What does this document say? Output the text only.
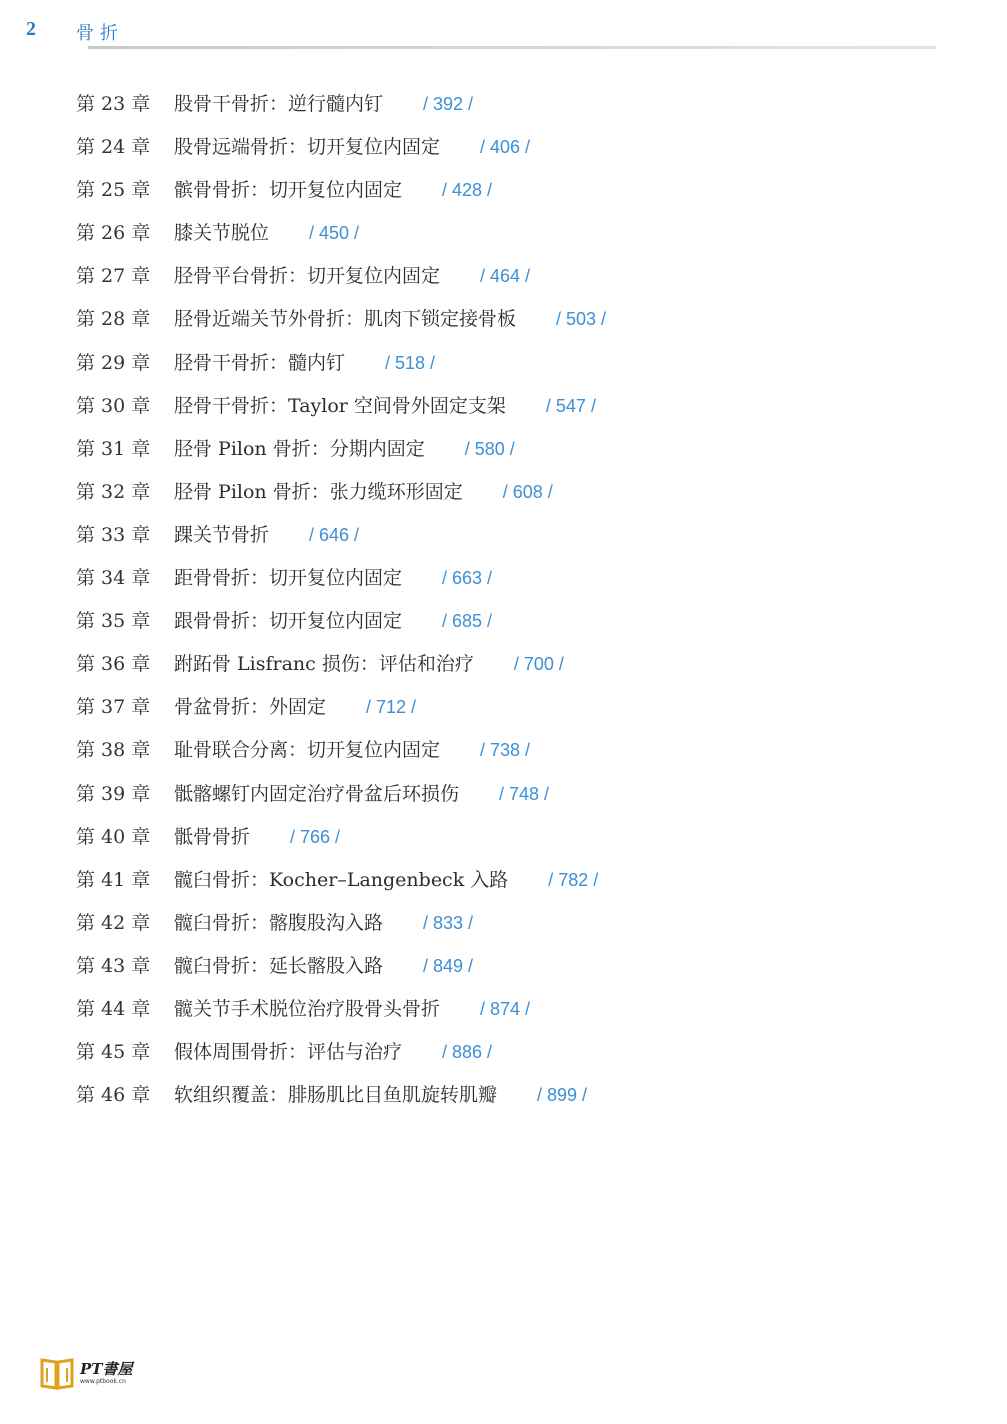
2 骨折
第 23 章 股骨干骨折：逆行髓内钉 / 392 /
第 24 章 股骨远端骨折：切开复位内固定 / 406 /
第 25 章 髌骨骨折：切开复位内固定 / 428 /
第 26 章 膝关节脱位 / 450 /
第 27 章 胫骨平台骨折：切开复位内固定 / 464 /
第 28 章 胫骨近端关节外骨折：肌肉下锁定接骨板 / 503 /
第 29 章 胫骨干骨折：髓内钉 / 518 /
第 30 章 胫骨干骨折：Taylor 空间骨外固定支架 / 547 /
第 31 章 胫骨 Pilon 骨折：分期内固定 / 580 /
第 32 章 胫骨 Pilon 骨折：张力缆环形固定 / 608 /
第 33 章 踝关节骨折 / 646 /
第 34 章 距骨骨折：切开复位内固定 / 663 /
第 35 章 跟骨骨折：切开复位内固定 / 685 /
第 36 章 跗跖骨 Lisfranc 损伤：评估和治疗 / 700 /
第 37 章 骨盆骨折：外固定 / 712 /
第 38 章 耻骨联合分离：切开复位内固定 / 738 /
第 39 章 骶髂螺钉内固定治疗骨盆后环损伤 / 748 /
第 40 章 骶骨骨折 / 766 /
第 41 章 髋臼骨折：Kocher–Langenbeck 入路 / 782 /
第 42 章 髋臼骨折：髂腹股沟入路 / 833 /
第 43 章 髋臼骨折：延长髂股入路 / 849 /
第 44 章 髋关节手术脱位治疗股骨头骨折 / 874 /
第 45 章 假体周围骨折：评估与治疗 / 886 /
第 46 章 软组织覆盖：腓肠肌比目鱼肌旋转肌瓣 / 899 /
PT書屋
www.ptbook.cn
